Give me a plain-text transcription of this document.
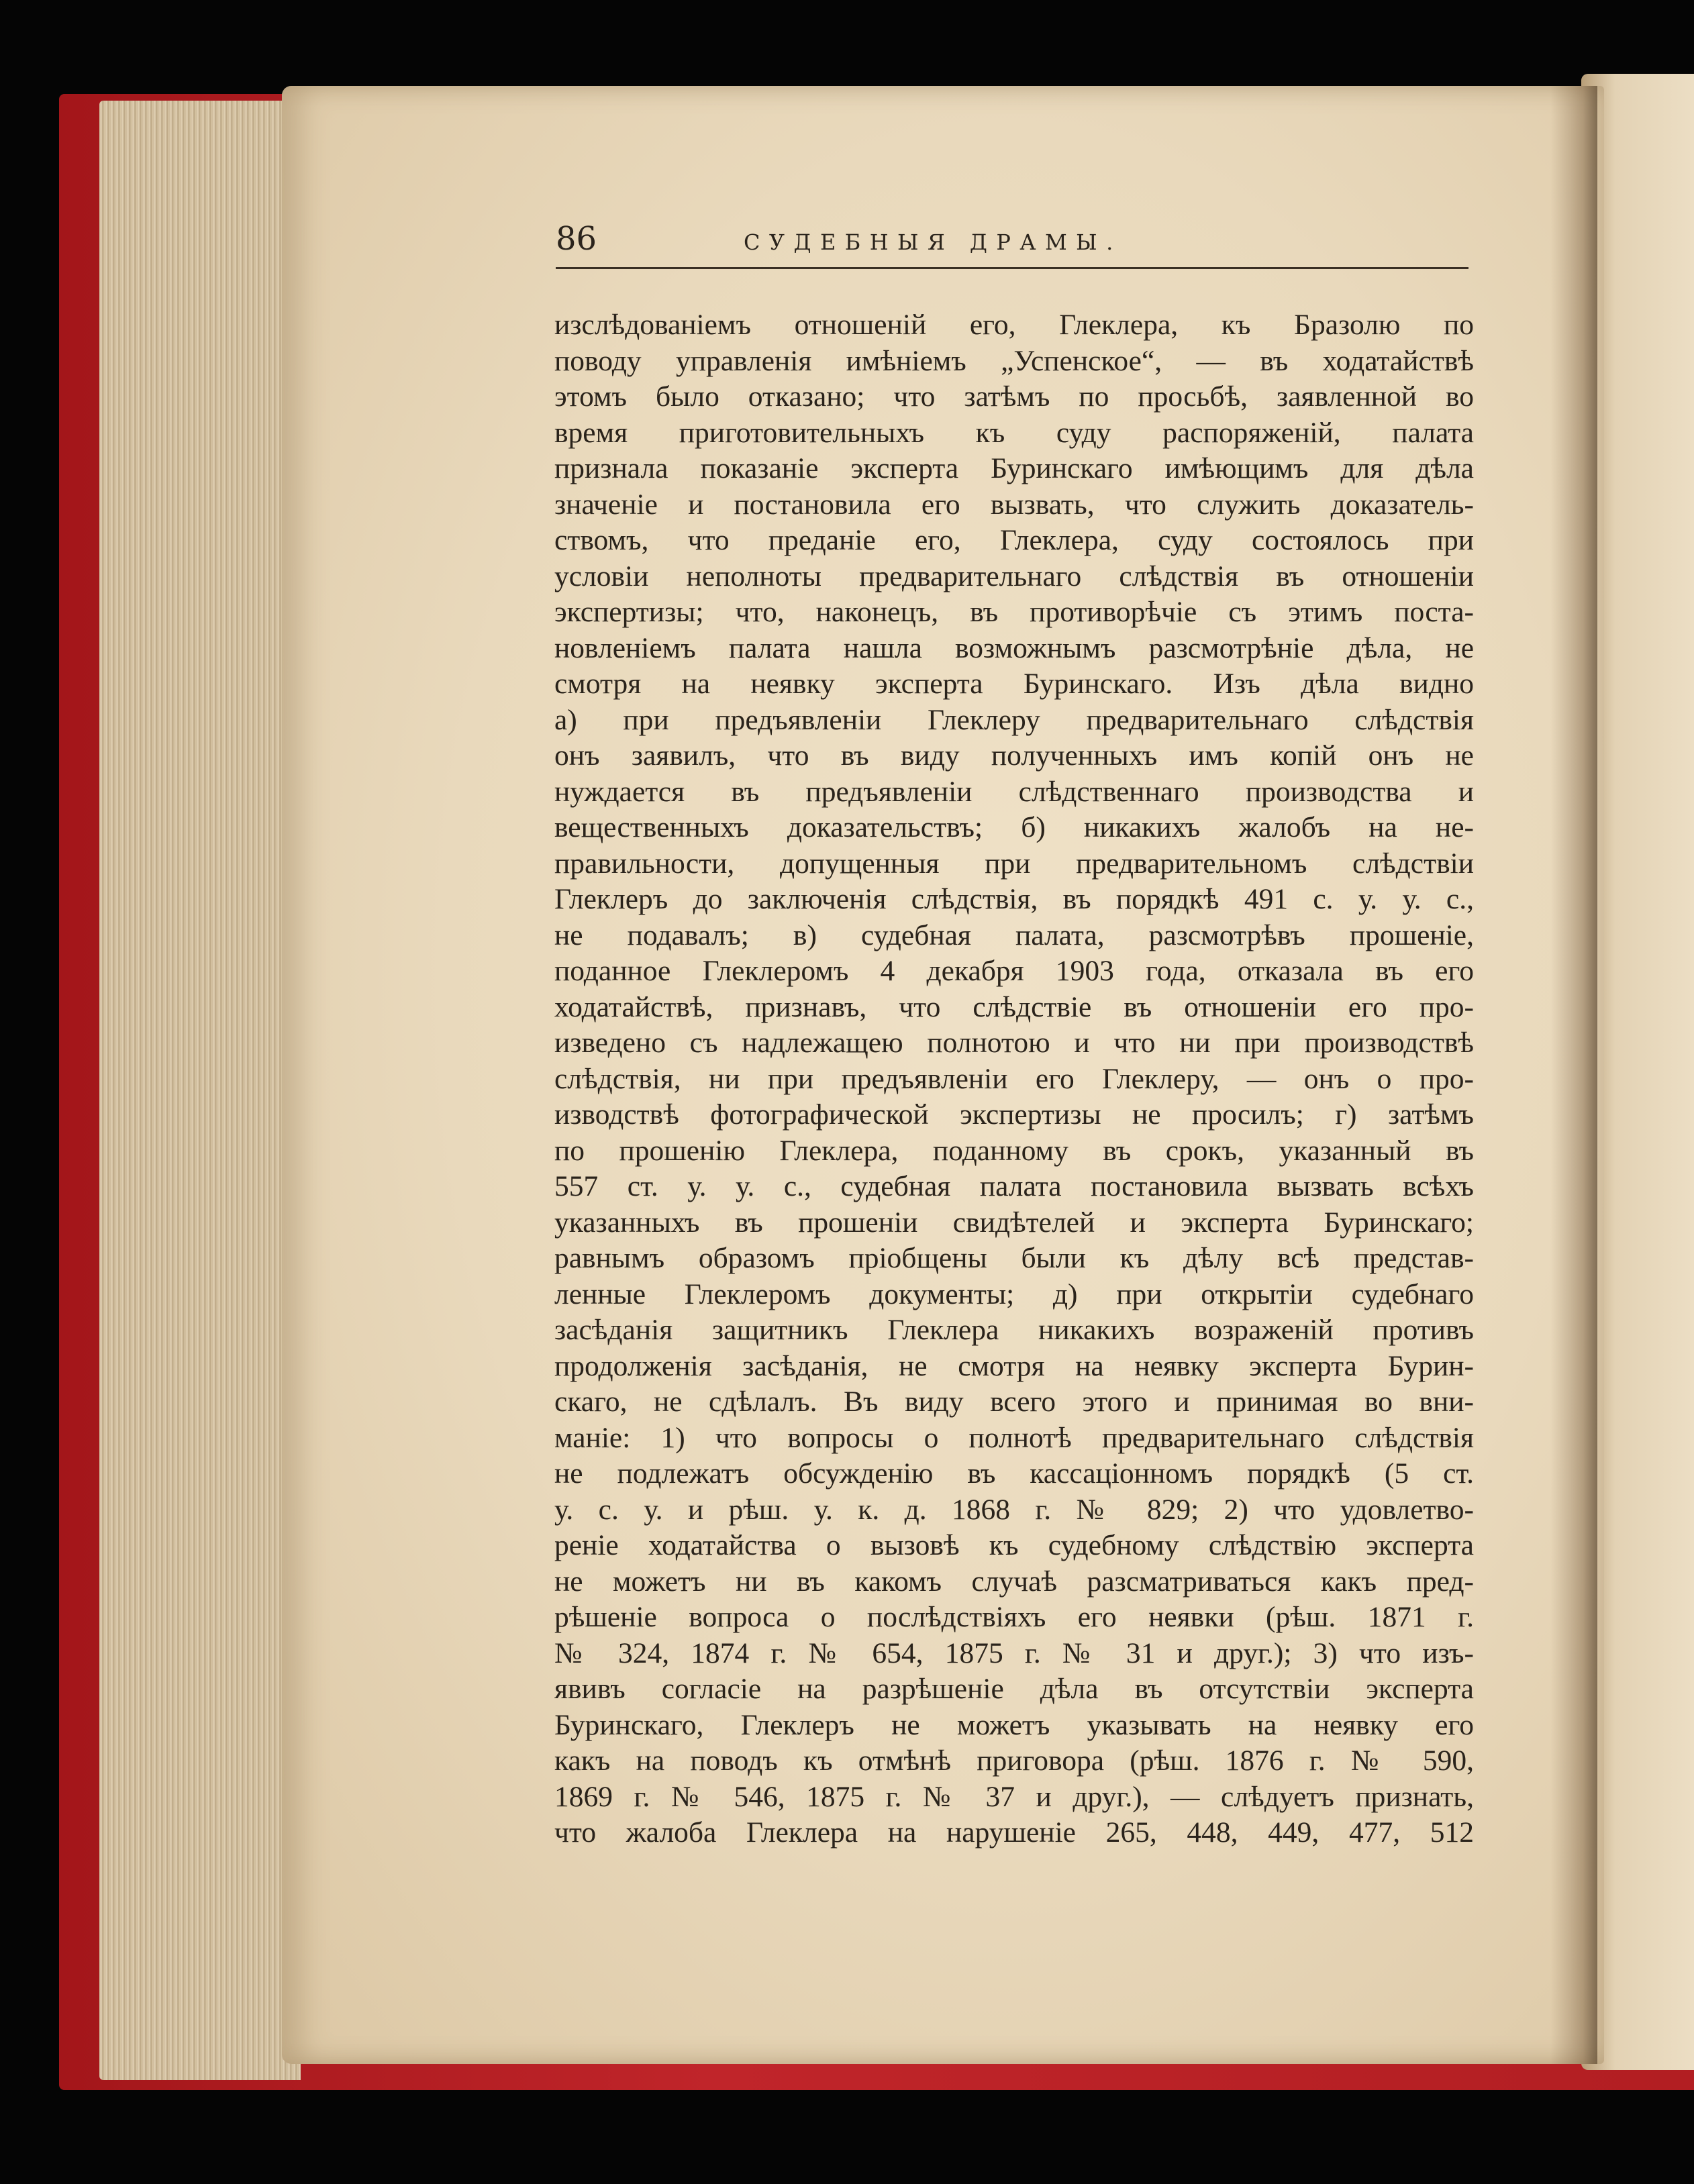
86	СУДЕБНЫЯ ДРАМЫ.
изслѣдованіемъ отношеній его, Глеклера, къ Бразолю по
поводу управленія имѣніемъ „Успенское“, — въ ходатайствѣ
этомъ было отказано; что затѣмъ по просьбѣ, заявленной во
время приготовительныхъ къ суду распоряженій, палата
признала показаніе эксперта Буринскаго имѣющимъ для дѣла
значеніе и постановила его вызвать, что служить доказатель-
ствомъ, что преданіе его, Глеклера, суду состоялось при
условіи неполноты предварительнаго слѣдствія въ отношеніи
экспертизы; что, наконецъ, въ противорѣчіе съ этимъ поста-
новленіемъ палата нашла возможнымъ разсмотрѣніе дѣла, не
смотря на неявку эксперта Буринскаго. Изъ дѣла видно
а) при предъявленіи Глеклеру предварительнаго слѣдствія
онъ заявилъ, что въ виду полученныхъ имъ копій онъ не
нуждается въ предъявленіи слѣдственнаго производства и
вещественныхъ доказательствъ; б) никакихъ жалобъ на не-
правильности, допущенныя при предварительномъ слѣдствіи
Глеклеръ до заключенія слѣдствія, въ порядкѣ 491 с. у. у. с.,
не подавалъ; в) судебная палата, разсмотрѣвъ прошеніе,
поданное Глеклеромъ 4 декабря 1903 года, отказала въ его
ходатайствѣ, признавъ, что слѣдствіе въ отношеніи его про-
изведено съ надлежащею полнотою и что ни при производствѣ
слѣдствія, ни при предъявленіи его Глеклеру, — онъ о про-
изводствѣ фотографической экспертизы не просилъ; г) затѣмъ
по прошенію Глеклера, поданному въ срокъ, указанный въ
557 ст. у. у. с., судебная палата постановила вызвать всѣхъ
указанныхъ въ прошеніи свидѣтелей и эксперта Буринскаго;
равнымъ образомъ пріобщены были къ дѣлу всѣ представ-
ленные Глеклеромъ документы; д) при открытіи судебнаго
засѣданія защитникъ Глеклера никакихъ возраженій противъ
продолженія засѣданія, не смотря на неявку эксперта Бурин-
скаго, не сдѣлалъ. Въ виду всего этого и принимая во вни-
маніе: 1) что вопросы о полнотѣ предварительнаго слѣдствія
не подлежатъ обсужденію въ кассаціонномъ порядкѣ (5 ст.
у. с. у. и рѣш. у. к. д. 1868 г. № 829; 2) что удовлетво-
реніе ходатайства о вызовѣ къ судебному слѣдствію эксперта
не можетъ ни въ какомъ случаѣ разсматриваться какъ пред-
рѣшеніе вопроса о послѣдствіяхъ его неявки (рѣш. 1871 г.
№ 324, 1874 г. № 654, 1875 г. № 31 и друг.); 3) что изъ-
явивъ согласіе на разрѣшеніе дѣла въ отсутствіи эксперта
Буринскаго, Глеклеръ не можетъ указывать на неявку его
какъ на поводъ къ отмѣнѣ приговора (рѣш. 1876 г. № 590,
1869 г. № 546, 1875 г. № 37 и друг.), — слѣдуетъ признать,
что жалоба Глеклера на нарушеніе 265, 448, 449, 477, 512
